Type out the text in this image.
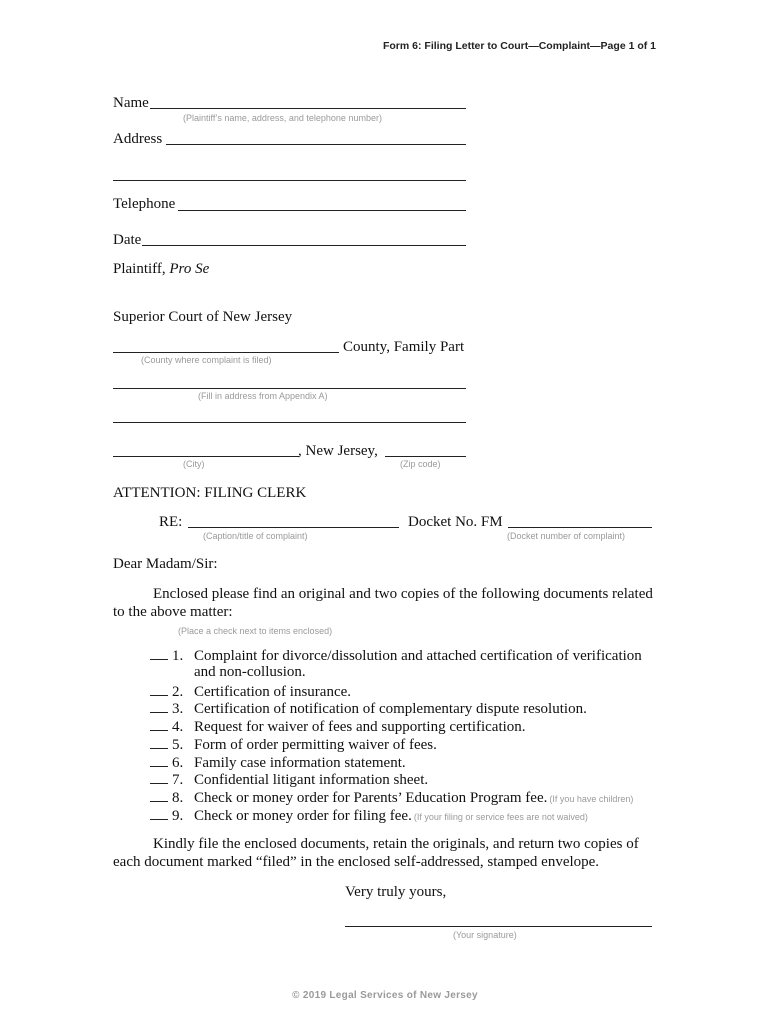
Form 6: Filing Letter to Court—Complaint—Page 1 of 1
Name
(Plaintiff’s name, address, and telephone number)
Address
Telephone
Date
Plaintiff, Pro Se
Superior Court of New Jersey
County, Family Part
(County where complaint is filed)
(Fill in address from Appendix A)
, New Jersey,
(City)	(Zip code)
ATTENTION: FILING CLERK
RE:	Docket No. FM
(Caption/title of complaint)	(Docket number of complaint)
Dear Madam/Sir:
Enclosed please find an original and two copies of the following documents related
to the above matter:
(Place a check next to items enclosed)
1. Complaint for divorce/dissolution and attached certification of verification
and non-collusion.
2. Certification of insurance.
3. Certification of notification of complementary dispute resolution.
4. Request for waiver of fees and supporting certification.
5. Form of order permitting waiver of fees.
6. Family case information statement.
7. Confidential litigant information sheet.
8. Check or money order for Parents’ Education Program fee. (If you have children)
9. Check or money order for filing fee. (If your filing or service fees are not waived)
Kindly file the enclosed documents, retain the originals, and return two copies of
each document marked “filed” in the enclosed self-addressed, stamped envelope.
Very truly yours,
(Your signature)
© 2019 Legal Services of New Jersey
